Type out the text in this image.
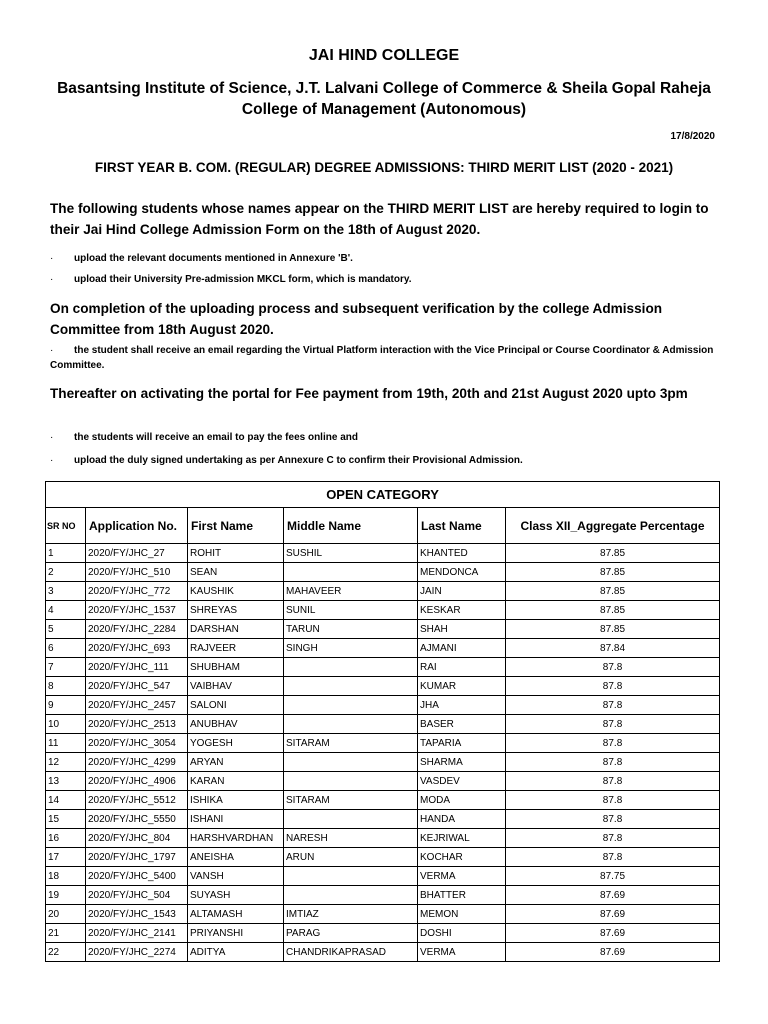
JAI HIND COLLEGE
Basantsing Institute of Science, J.T. Lalvani College of Commerce & Sheila Gopal Raheja
College of Management (Autonomous)
17/8/2020
FIRST YEAR B. COM. (REGULAR) DEGREE ADMISSIONS: THIRD MERIT LIST (2020 - 2021)
The following students whose names appear on the THIRD MERIT LIST are hereby required to login to their Jai Hind College Admission Form on the 18th of August 2020.
·	upload the relevant documents mentioned in Annexure 'B'.
·	upload their University Pre-admission MKCL form, which is mandatory.
On completion of the uploading process and subsequent verification by the college Admission Committee from 18th August 2020.
·	the student shall receive an email regarding the Virtual Platform interaction with the Vice Principal or Course Coordinator & Admission Committee.
Thereafter on activating the portal for Fee payment from 19th, 20th and 21st August 2020 upto 3pm
·	the students will receive an email to pay the fees online and
·	upload the duly signed undertaking as per Annexure C to confirm their Provisional Admission.
OPEN CATEGORY					
SR NO	Application No.	First Name	Middle Name	Last Name	Class XII_Aggregate Percentage
1	2020/FY/JHC_27	ROHIT	SUSHIL	KHANTED	87.85
2	2020/FY/JHC_510	SEAN		MENDONCA	87.85
3	2020/FY/JHC_772	KAUSHIK	MAHAVEER	JAIN	87.85
4	2020/FY/JHC_1537	SHREYAS	SUNIL	KESKAR	87.85
5	2020/FY/JHC_2284	DARSHAN	TARUN	SHAH	87.85
6	2020/FY/JHC_693	RAJVEER	SINGH	AJMANI	87.84
7	2020/FY/JHC_111	SHUBHAM		RAI	87.8
8	2020/FY/JHC_547	VAIBHAV		KUMAR	87.8
9	2020/FY/JHC_2457	SALONI		JHA	87.8
10	2020/FY/JHC_2513	ANUBHAV		BASER	87.8
11	2020/FY/JHC_3054	YOGESH	SITARAM	TAPARIA	87.8
12	2020/FY/JHC_4299	ARYAN		SHARMA	87.8
13	2020/FY/JHC_4906	KARAN		VASDEV	87.8
14	2020/FY/JHC_5512	ISHIKA	SITARAM	MODA	87.8
15	2020/FY/JHC_5550	ISHANI		HANDA	87.8
16	2020/FY/JHC_804	HARSHVARDHAN	NARESH	KEJRIWAL	87.8
17	2020/FY/JHC_1797	ANEISHA	ARUN	KOCHAR	87.8
18	2020/FY/JHC_5400	VANSH		VERMA	87.75
19	2020/FY/JHC_504	SUYASH		BHATTER	87.69
20	2020/FY/JHC_1543	ALTAMASH	IMTIAZ	MEMON	87.69
21	2020/FY/JHC_2141	PRIYANSHI	PARAG	DOSHI	87.69
22	2020/FY/JHC_2274	ADITYA	CHANDRIKAPRASAD	VERMA	87.69
